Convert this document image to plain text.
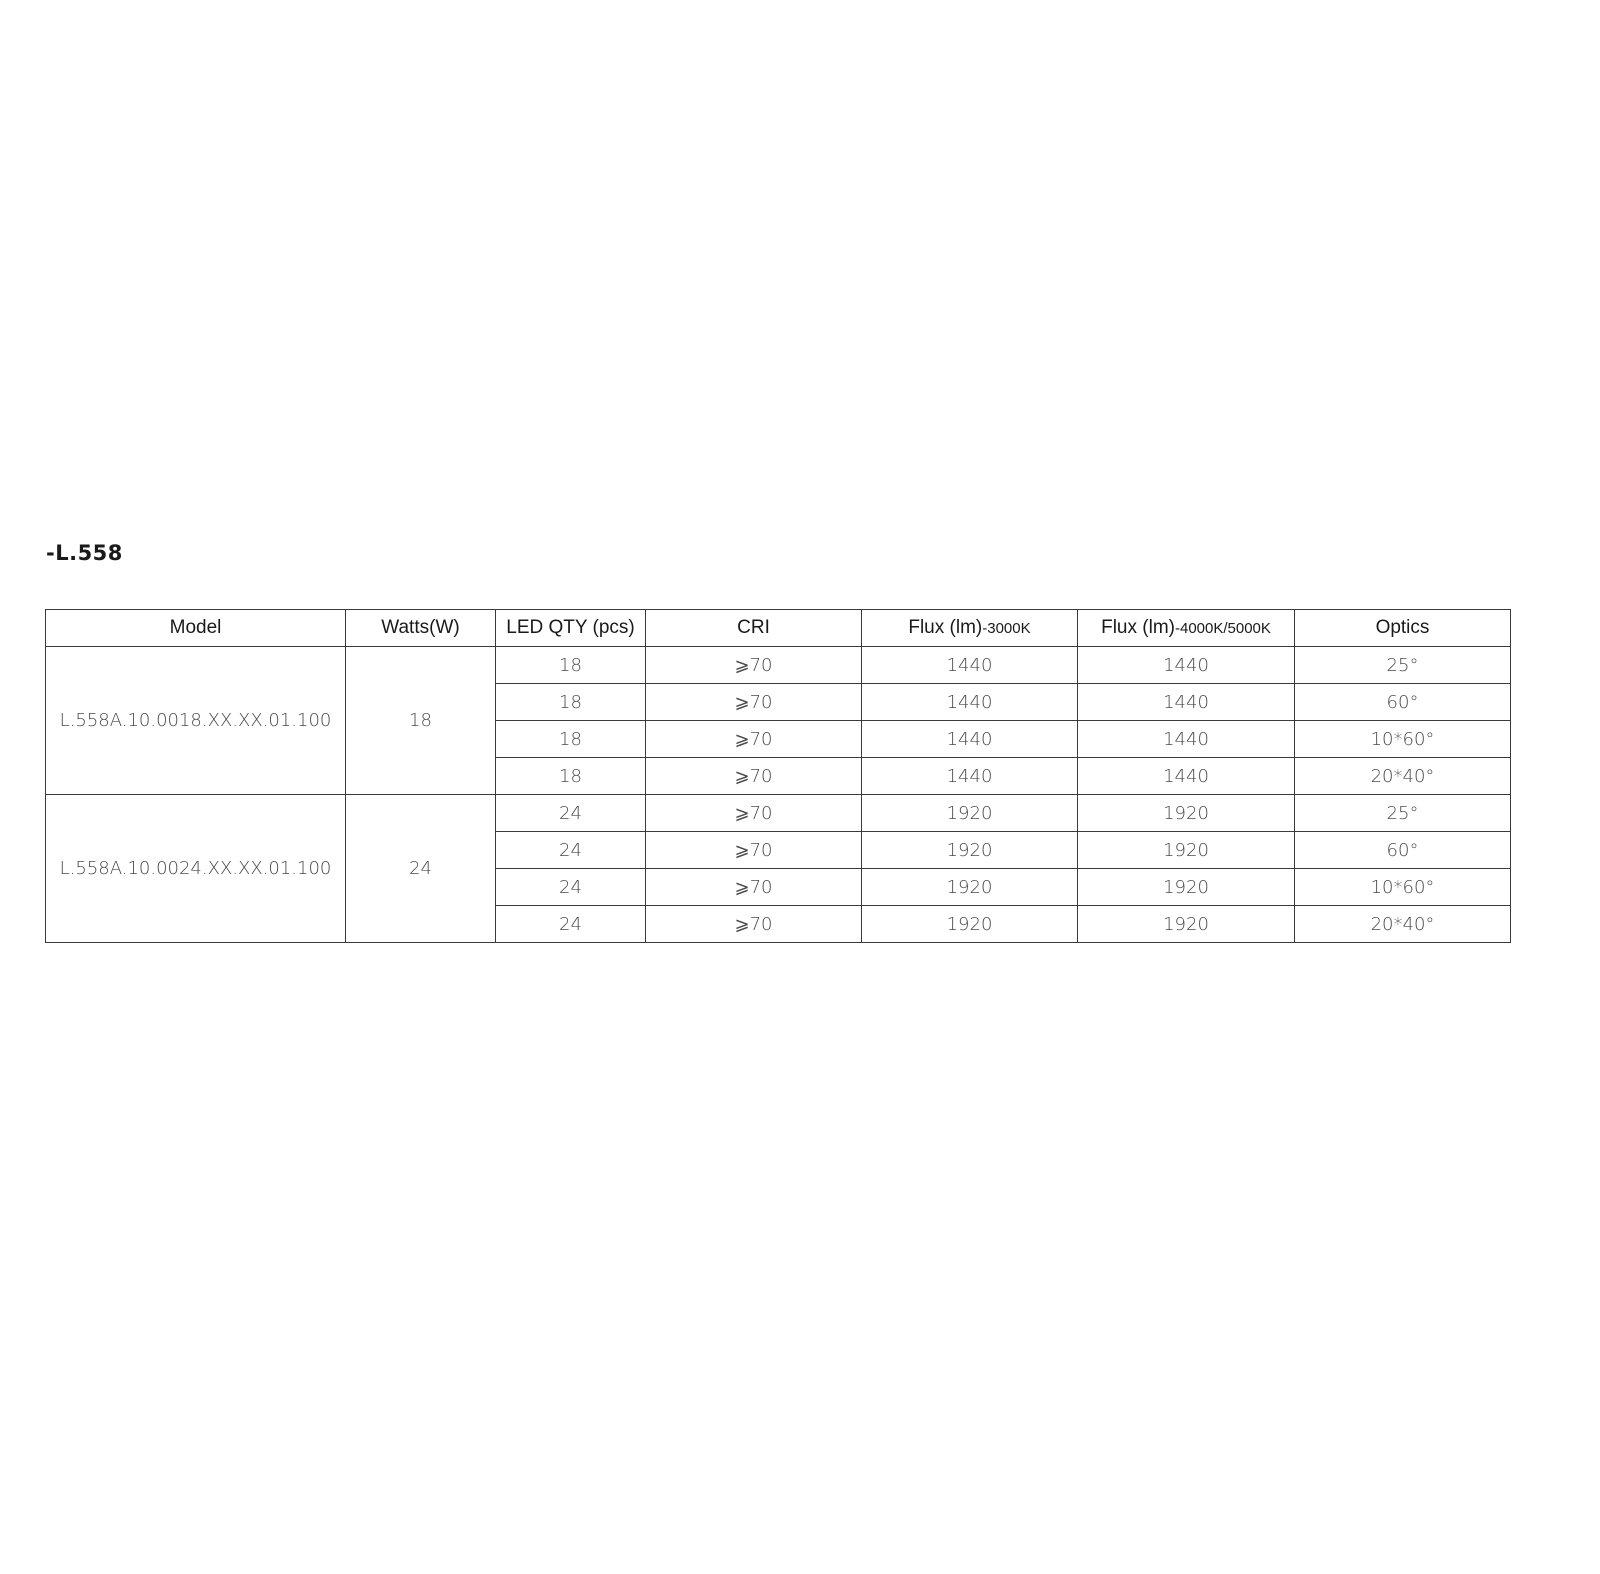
-L.558
Model	Watts(W)	LED QTY (pcs)	CRI	Flux (lm)-3000K	Flux (lm)-4000K/5000K	Optics
L.558A.10.0018.XX.XX.01.100	18	18	⩾70	1440	1440	25°
		18	⩾70	1440	1440	60°
		18	⩾70	1440	1440	10*60°
		18	⩾70	1440	1440	20*40°
L.558A.10.0024.XX.XX.01.100	24	24	⩾70	1920	1920	25°
		24	⩾70	1920	1920	60°
		24	⩾70	1920	1920	10*60°
		24	⩾70	1920	1920	20*40°
